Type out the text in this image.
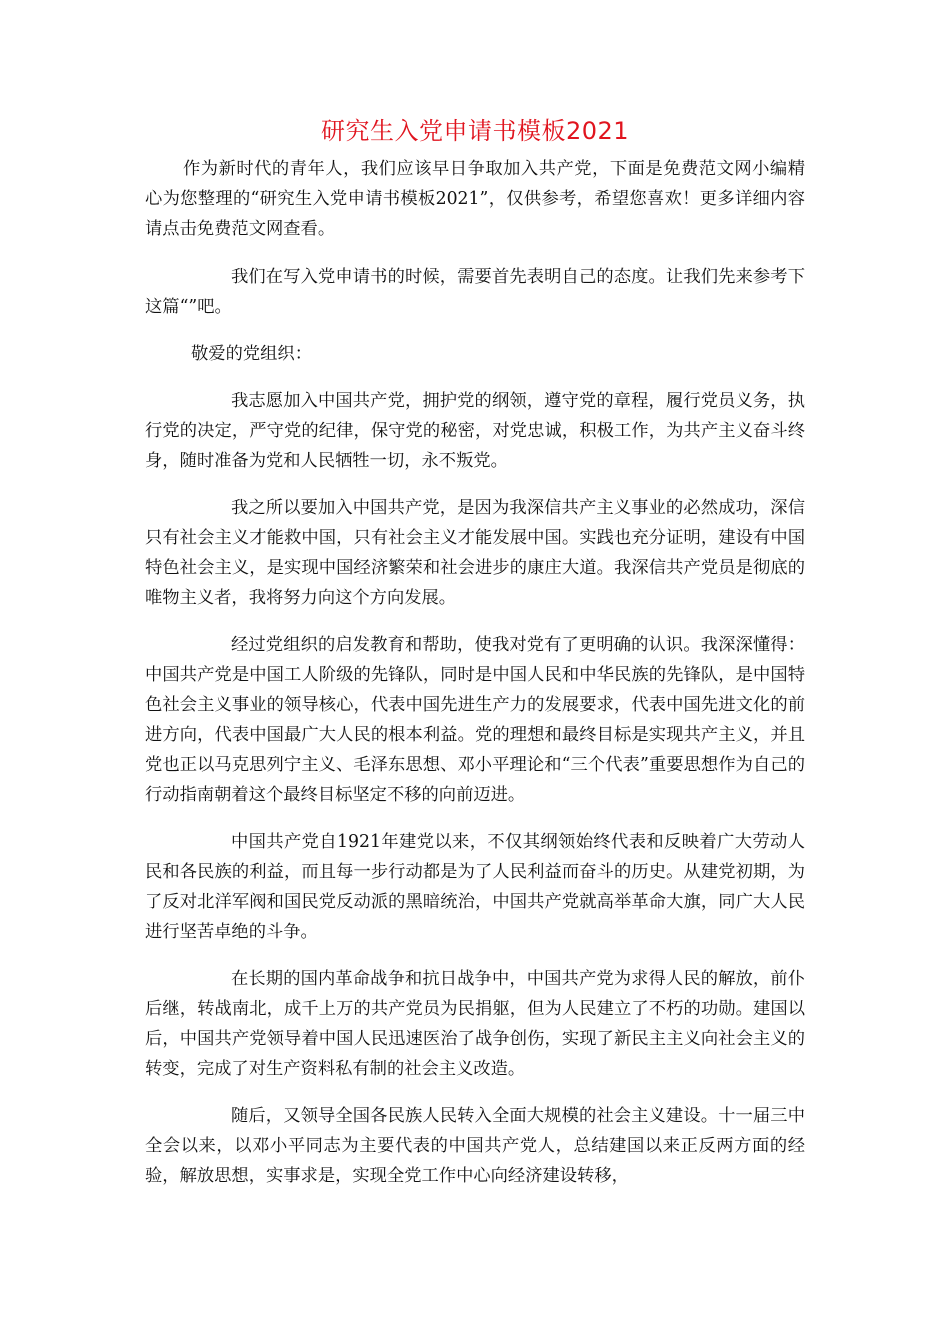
研究生入党申请书模板2021

作为新时代的青年人，我们应该早日争取加入共产党，下面是免费范文网小编精心为您整理的“研究生入党申请书模板2021”，仅供参考，希望您喜欢！更多详细内容请点击免费范文网查看。

我们在写入党申请书的时候，需要首先表明自己的态度。让我们先来参考下这篇“”吧。

敬爱的党组织：

我志愿加入中国共产党，拥护党的纲领，遵守党的章程，履行党员义务，执行党的决定，严守党的纪律，保守党的秘密，对党忠诚，积极工作，为共产主义奋斗终身，随时准备为党和人民牺牲一切，永不叛党。

我之所以要加入中国共产党，是因为我深信共产主义事业的必然成功，深信只有社会主义才能救中国，只有社会主义才能发展中国。实践也充分证明，建设有中国特色社会主义，是实现中国经济繁荣和社会进步的康庄大道。我深信共产党员是彻底的唯物主义者，我将努力向这个方向发展。

经过党组织的启发教育和帮助，使我对党有了更明确的认识。我深深懂得：中国共产党是中国工人阶级的先锋队，同时是中国人民和中华民族的先锋队，是中国特色社会主义事业的领导核心，代表中国先进生产力的发展要求，代表中国先进文化的前进方向，代表中国最广大人民的根本利益。党的理想和最终目标是实现共产主义，并且党也正以马克思列宁主义、毛泽东思想、邓小平理论和“三个代表”重要思想作为自己的行动指南朝着这个最终目标坚定不移的向前迈进。

中国共产党自1921年建党以来，不仅其纲领始终代表和反映着广大劳动人民和各民族的利益，而且每一步行动都是为了人民利益而奋斗的历史。从建党初期，为了反对北洋军阀和国民党反动派的黑暗统治，中国共产党就高举革命大旗，同广大人民进行坚苦卓绝的斗争。

在长期的国内革命战争和抗日战争中，中国共产党为求得人民的解放，前仆后继，转战南北，成千上万的共产党员为民捐躯，但为人民建立了不朽的功勋。建国以后，中国共产党领导着中国人民迅速医治了战争创伤，实现了新民主主义向社会主义的转变，完成了对生产资料私有制的社会主义改造。

随后，又领导全国各民族人民转入全面大规模的社会主义建设。十一届三中全会以来，以邓小平同志为主要代表的中国共产党人，总结建国以来正反两方面的经验，解放思想，实事求是，实现全党工作中心向经济建设转移，
